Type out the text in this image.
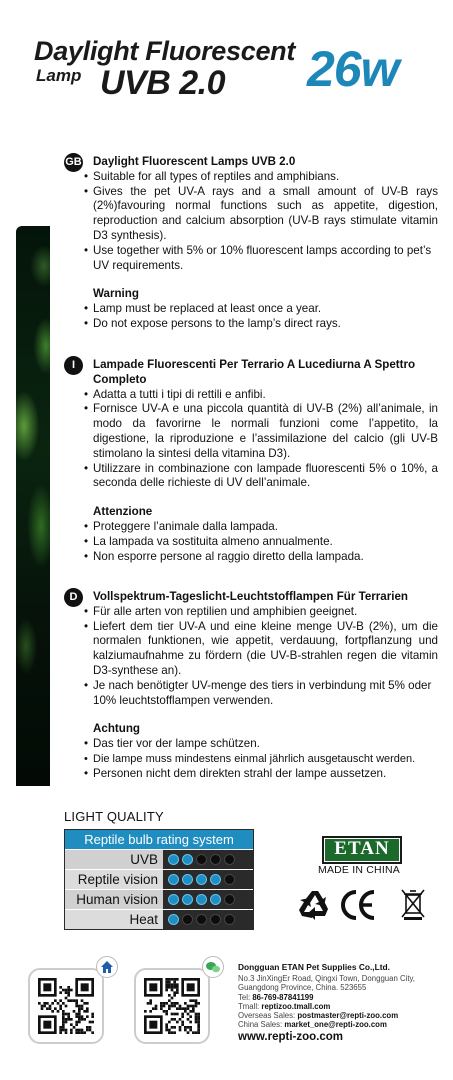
Daylight Fluorescent
Lamp UVB 2.0 26w
GB Daylight Fluorescent Lamps UVB 2.0
• Suitable for all types of reptiles and amphibians.
• Gives the pet UV-A rays and a small amount of UV-B rays (2%)favouring normal functions such as appetite, digestion, reproduction and calcium absorption (UV-B rays stimulate vitamin D3 synthesis).
• Use together with 5% or 10% fluorescent lamps according to pet’s UV requirements.
Warning
• Lamp must be replaced at least once a year.
• Do not expose persons to the lamp’s direct rays.
I	Lampade Fluorescenti Per Terrario A Lucediurna A Spettro Completo
• Adatta a tutti i tipi di rettili e anfibi.
• Fornisce UV-A e una piccola quantità di UV-B (2%) all’animale, in modo da favorirne le normali funzioni come l’appetito, la digestione, la riproduzione e l’assimilazione del calcio (gli UV-B stimolano la sintesi della vitamina D3).
• Utilizzare in combinazione con lampade fluorescenti 5% o 10%, a seconda delle richieste di UV dell’animale.
Attenzione
• Proteggere l’animale dalla lampada.
• La lampada va sostituita almeno annualmente.
• Non esporre persone al raggio diretto della lampada.
D	Vollspektrum-Tageslicht-Leuchtstofflampen Für Terrarien
• Für alle arten von reptilien und amphibien geeignet.
• Liefert dem tier UV-A und eine kleine menge UV-B (2%), um die normalen funktionen, wie appetit, verdauung, fortpflanzung und kalziumaufnahme zu fördern (die UV-B-strahlen regen die vitamin D3-synthese an).
• Je nach benötigter UV-menge des tiers in verbindung mit 5% oder 10% leuchtstofflampen verwenden.
Achtung
• Das tier vor der lampe schützen.
• Die lampe muss mindestens einmal jährlich ausgetauscht werden.
• Personen nicht dem direkten strahl der lampe aussetzen.
LIGHT QUALITY
Reptile bulb rating system
UVB
Reptile vision
Human vision
Heat
ETAN
MADE IN CHINA
Dongguan ETAN Pet Supplies Co.,Ltd.
No.3 JinXingEr Road, Qingxi Town, Dongguan City, Guangdong Province, China. 523655
Tel: 86-769-87841199
Tmall: reptizoo.tmall.com
Overseas Sales: postmaster@repti-zoo.com
China Sales: market_one@repti-zoo.com
www.repti-zoo.com
